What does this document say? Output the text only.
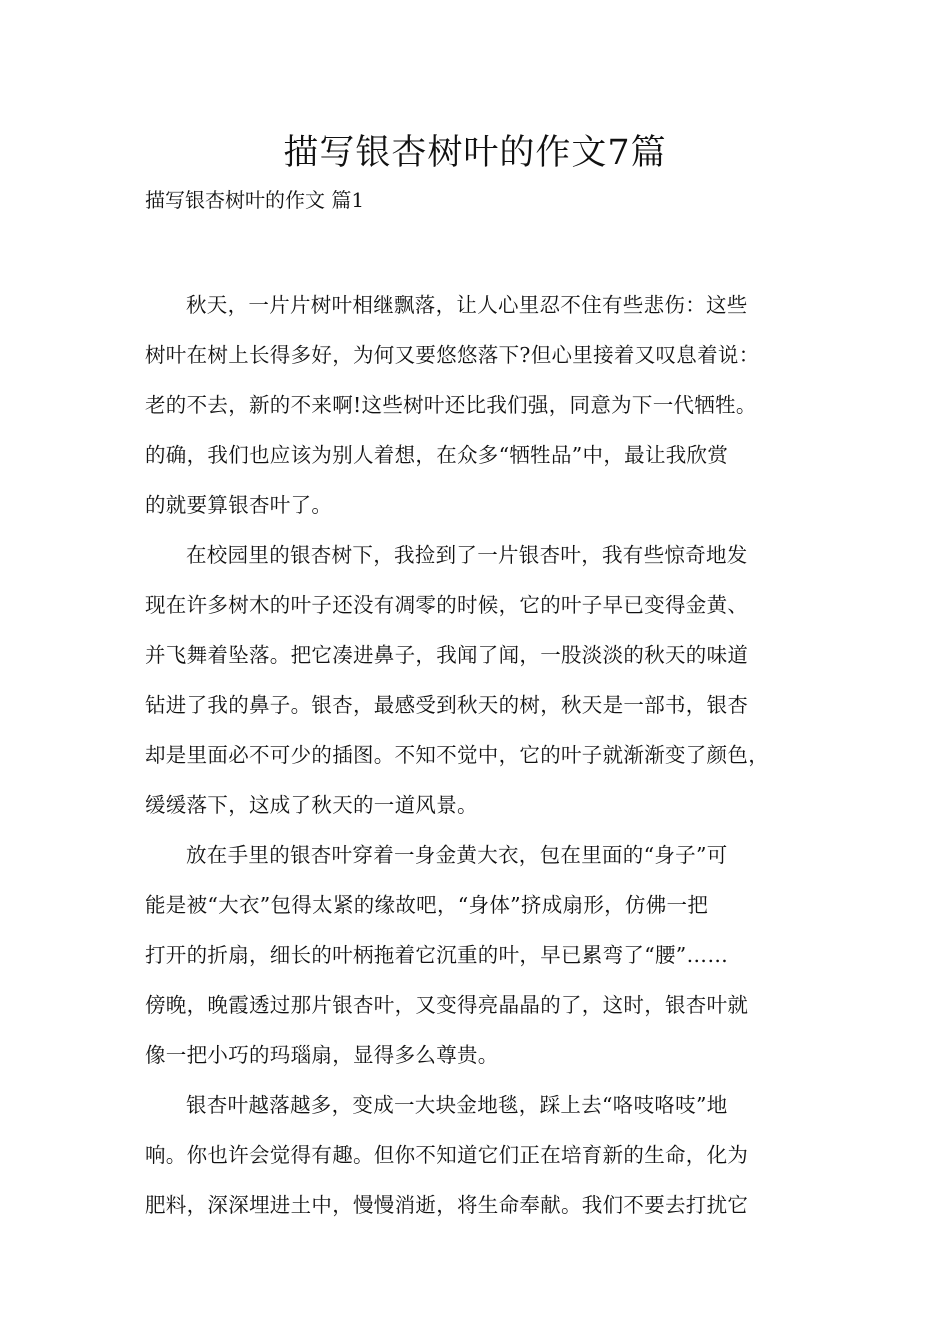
描写银杏树叶的作文7篇
描写银杏树叶的作文 篇1

秋天，一片片树叶相继飘落，让人心里忍不住有些悲伤：这些
树叶在树上长得多好，为何又要悠悠落下?但心里接着又叹息着说：
老的不去，新的不来啊!这些树叶还比我们强，同意为下一代牺牲。
的确，我们也应该为别人着想，在众多“牺牲品”中，最让我欣赏
的就要算银杏叶了。

在校园里的银杏树下，我捡到了一片银杏叶，我有些惊奇地发
现在许多树木的叶子还没有凋零的时候，它的叶子早已变得金黄、
并飞舞着坠落。把它凑进鼻子，我闻了闻，一股淡淡的秋天的味道
钻进了我的鼻子。银杏，最感受到秋天的树，秋天是一部书，银杏
却是里面必不可少的插图。不知不觉中，它的叶子就渐渐变了颜色，
缓缓落下，这成了秋天的一道风景。

放在手里的银杏叶穿着一身金黄大衣，包在里面的“身子”可
能是被“大衣”包得太紧的缘故吧，“身体”挤成扇形，仿佛一把
打开的折扇，细长的叶柄拖着它沉重的叶，早已累弯了“腰”……
傍晚，晚霞透过那片银杏叶，又变得亮晶晶的了，这时，银杏叶就
像一把小巧的玛瑙扇，显得多么尊贵。

银杏叶越落越多，变成一大块金地毯，踩上去“咯吱咯吱”地
响。你也许会觉得有趣。但你不知道它们正在培育新的生命，化为
肥料，深深埋进土中，慢慢消逝，将生命奉献。我们不要去打扰它
